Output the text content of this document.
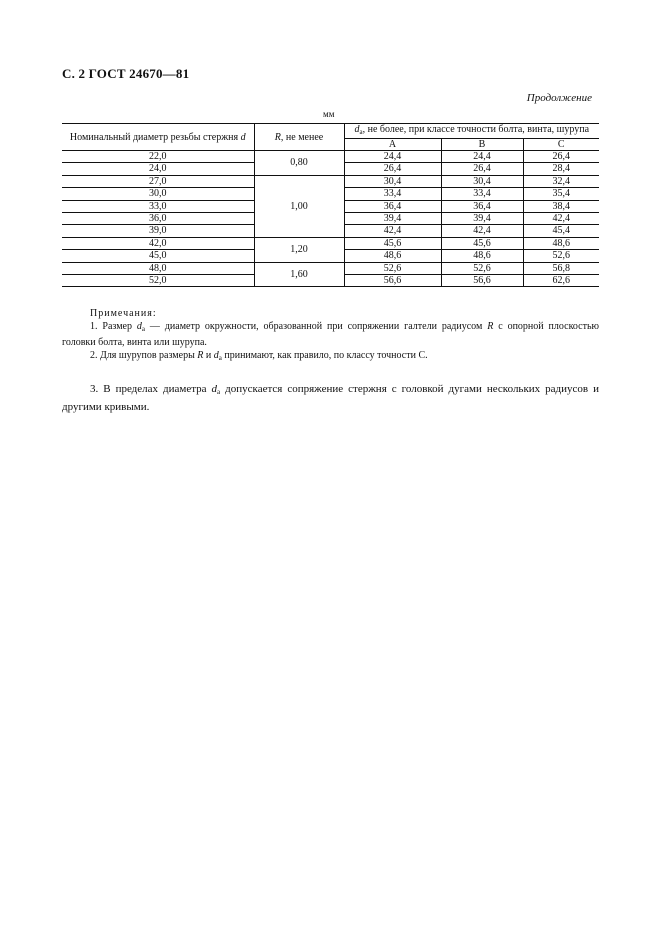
С. 2 ГОСТ 24670—81
Продолжение
мм
Номинальный диаметр резьбы стержня d	R, не менее	$d_a$, не более, при классе точности болта, винта, шурупа		
		A	B	C
22,0	0,80	24,4	24,4	26,4
24,0		26,4	26,4	28,4
27,0	1,00	30,4	30,4	32,4
30,0		33,4	33,4	35,4
33,0		36,4	36,4	38,4
36,0		39,4	39,4	42,4
39,0		42,4	42,4	45,4
42,0	1,20	45,6	45,6	48,6
45,0		48,6	48,6	52,6
48,0	1,60	52,6	52,6	56,8
52,0		56,6	56,6	62,6
Примечания:

1. Размер $d_a$ — диаметр окружности, образованной при сопряжении галтели радиусом R с опорной плоскостью головки болта, винта или шурупа.

2. Для шурупов размеры R и $d_a$ принимают, как правило, по классу точности С.

3. В пределах диаметра $d_a$ допускается сопряжение стержня с головкой дугами нескольких радиусов и другими кривыми.
